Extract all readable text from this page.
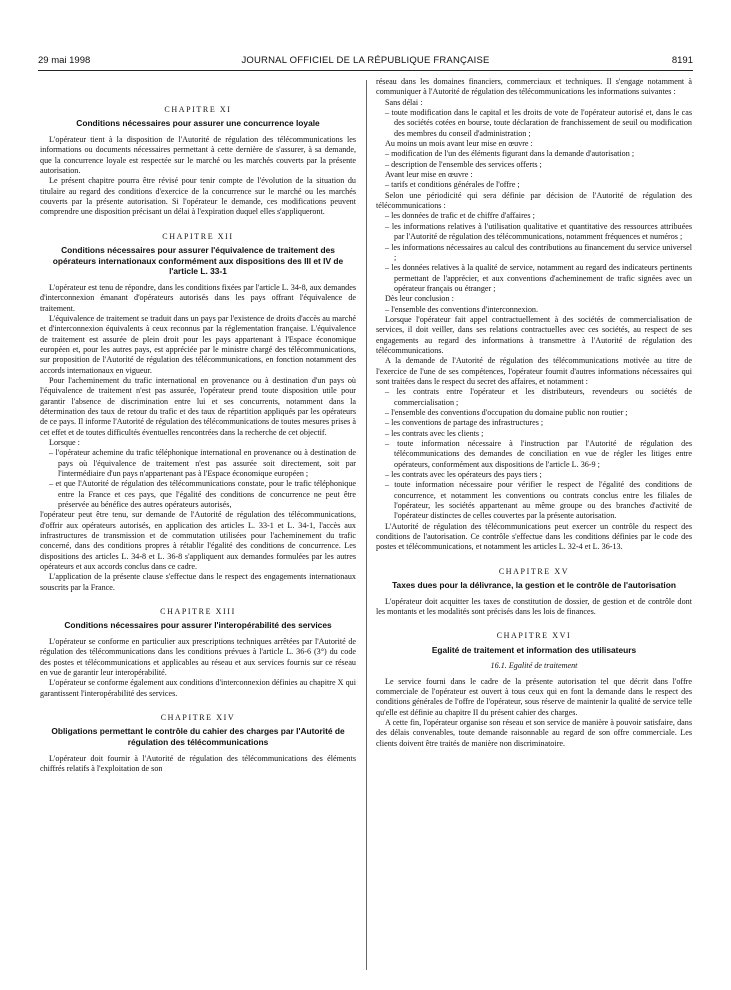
29 mai 1998	JOURNAL OFFICIEL DE LA RÉPUBLIQUE FRANÇAISE	8191
CHAPITRE XI
Conditions nécessaires pour assurer une concurrence loyale

L'opérateur tient à la disposition de l'Autorité de régulation des télécommunications les informations ou documents nécessaires permettant à cette dernière de s'assurer, à sa demande, que la concurrence loyale est respectée sur le marché ou les marchés couverts par la présente autorisation.

Le présent chapitre pourra être révisé pour tenir compte de l'évolution de la situation du titulaire au regard des conditions d'exercice de la concurrence sur le marché ou les marchés couverts par la présente autorisation. Si l'opérateur le demande, ces modifications peuvent comprendre une disposition précisant un délai à l'expiration duquel elles s'appliqueront.

CHAPITRE XII
Conditions nécessaires pour assurer l'équivalence de traitement des opérateurs internationaux conformément aux dispositions des III et IV de l'article L. 33-1

L'opérateur est tenu de répondre, dans les conditions fixées par l'article L. 34-8, aux demandes d'interconnexion émanant d'opérateurs autorisés dans les pays offrant l'équivalence de traitement.

L'équivalence de traitement se traduit dans un pays par l'existence de droits d'accès au marché et d'interconnexion équivalents à ceux reconnus par la réglementation française. L'équivalence de traitement est assurée de plein droit pour les pays appartenant à l'Espace économique européen et, pour les autres pays, est appréciée par le ministre chargé des télécommunications, sur proposition de l'Autorité de régulation des télécommunications, en fonction notamment des accords internationaux en vigueur.

Pour l'acheminement du trafic international en provenance ou à destination d'un pays où l'équivalence de traitement n'est pas assurée, l'opérateur prend toute disposition utile pour garantir l'absence de discrimination entre lui et ses concurrents, notamment dans la détermination des taux de retour du trafic et des taux de répartition appliqués par les opérateurs de ce pays. Il informe l'Autorité de régulation des télécommunications de toutes mesures prises à cet effet et de toutes difficultés éventuelles rencontrées dans la recherche de cet objectif.

Lorsque :

– l'opérateur achemine du trafic téléphonique international en provenance ou à destination de pays où l'équivalence de traitement n'est pas assurée soit directement, soit par l'intermédiaire d'un pays n'appartenant pas à l'Espace économique européen ;

– et que l'Autorité de régulation des télécommunications constate, pour le trafic téléphonique entre la France et ces pays, que l'égalité des conditions de concurrence ne peut être préservée au bénéfice des autres opérateurs autorisés,

l'opérateur peut être tenu, sur demande de l'Autorité de régulation des télécommunications, d'offrir aux opérateurs autorisés, en application des articles L. 33-1 et L. 34-1, l'accès aux infrastructures de transmission et de commutation utilisées pour l'acheminement du trafic concerné, dans des conditions propres à rétablir l'égalité des conditions de concurrence. Les dispositions des articles L. 34-8 et L. 36-8 s'appliquent aux demandes formulées par les autres opérateurs et aux accords conclus dans ce cadre.

L'application de la présente clause s'effectue dans le respect des engagements internationaux souscrits par la France.

CHAPITRE XIII
Conditions nécessaires pour assurer l'interopérabilité des services

L'opérateur se conforme en particulier aux prescriptions techniques arrêtées par l'Autorité de régulation des télécommunications dans les conditions prévues à l'article L. 36-6 (3°) du code des postes et télécommunications et applicables au réseau et aux services fournis sur ce réseau en vue de garantir leur interopérabilité.

L'opérateur se conforme également aux conditions d'interconnexion définies au chapitre X qui garantissent l'interopérabilité des services.

CHAPITRE XIV
Obligations permettant le contrôle du cahier des charges par l'Autorité de régulation des télécommunications

L'opérateur doit fournir à l'Autorité de régulation des télécommunications des éléments chiffrés relatifs à l'exploitation de son

réseau dans les domaines financiers, commerciaux et techniques. Il s'engage notamment à communiquer à l'Autorité de régulation des télécommunications les informations suivantes :

Sans délai :

– toute modification dans le capital et les droits de vote de l'opérateur autorisé et, dans le cas des sociétés cotées en bourse, toute déclaration de franchissement de seuil ou modification des membres du conseil d'administration ;

Au moins un mois avant leur mise en œuvre :

– modification de l'un des éléments figurant dans la demande d'autorisation ;

– description de l'ensemble des services offerts ;

Avant leur mise en œuvre :

– tarifs et conditions générales de l'offre ;

Selon une périodicité qui sera définie par décision de l'Autorité de régulation des télécommunications :

– les données de trafic et de chiffre d'affaires ;

– les informations relatives à l'utilisation qualitative et quantitative des ressources attribuées par l'Autorité de régulation des télécommunications, notamment fréquences et numéros ;

– les informations nécessaires au calcul des contributions au financement du service universel ;

– les données relatives à la qualité de service, notamment au regard des indicateurs pertinents permettant de l'apprécier, et aux conventions d'acheminement de trafic signées avec un opérateur français ou étranger ;

Dès leur conclusion :

– l'ensemble des conventions d'interconnexion.

Lorsque l'opérateur fait appel contractuellement à des sociétés de commercialisation de services, il doit veiller, dans ses relations contractuelles avec ces sociétés, au respect de ses engagements au regard des informations à transmettre à l'Autorité de régulation des télécommunications.

A la demande de l'Autorité de régulation des télécommunications motivée au titre de l'exercice de l'une de ses compétences, l'opérateur fournit d'autres informations nécessaires qui sont traitées dans le respect du secret des affaires, et notamment :

– les contrats entre l'opérateur et les distributeurs, revendeurs ou sociétés de commercialisation ;

– l'ensemble des conventions d'occupation du domaine public non routier ;

– les conventions de partage des infrastructures ;

– les contrats avec les clients ;

– toute information nécessaire à l'instruction par l'Autorité de régulation des télécommunications des demandes de conciliation en vue de régler les litiges entre opérateurs, conformément aux dispositions de l'article L. 36-9 ;

– les contrats avec les opérateurs des pays tiers ;

– toute information nécessaire pour vérifier le respect de l'égalité des conditions de concurrence, et notamment les conventions ou contrats conclus entre les filiales de l'opérateur, les sociétés appartenant au même groupe ou des branches d'activité de l'opérateur distinctes de celles couvertes par la présente autorisation.

L'Autorité de régulation des télécommunications peut exercer un contrôle du respect des conditions de l'autorisation. Ce contrôle s'effectue dans les conditions définies par le code des postes et télécommunications, et notamment les articles L. 32-4 et L. 36-13.

CHAPITRE XV
Taxes dues pour la délivrance, la gestion et le contrôle de l'autorisation

L'opérateur doit acquitter les taxes de constitution de dossier, de gestion et de contrôle dont les montants et les modalités sont précisés dans les lois de finances.

CHAPITRE XVI
Egalité de traitement et information des utilisateurs
16.1. Egalité de traitement

Le service fourni dans le cadre de la présente autorisation tel que décrit dans l'offre commerciale de l'opérateur est ouvert à tous ceux qui en font la demande dans le respect des conditions générales de l'offre de l'opérateur, sous réserve de maintenir la qualité de service telle qu'elle est définie au chapitre II du présent cahier des charges.

A cette fin, l'opérateur organise son réseau et son service de manière à pouvoir satisfaire, dans des délais convenables, toute demande raisonnable au regard de son offre commerciale. Les clients doivent être traités de manière non discriminatoire.
